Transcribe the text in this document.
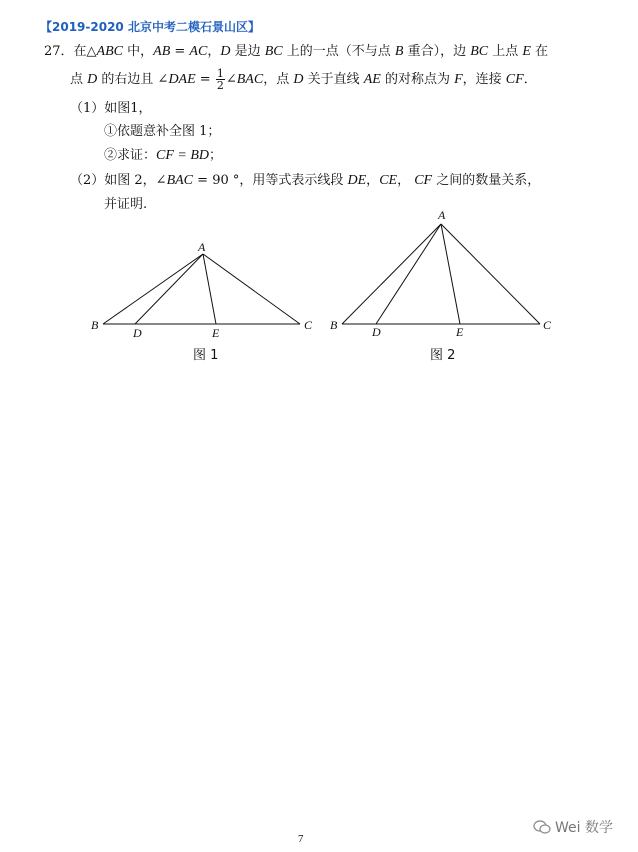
【2019-2020 北京中考二模石景山区】
27．在△ABC 中，AB = AC，D 是边 BC 上的一点（不与点 B 重合），边 BC 上点 E 在
点 D 的右边且 ∠DAE = $\frac{1}{2}$ ∠BAC，点 D 关于直线 AE 的对称点为 F，连接 CF．
（1）如图1，
①依题意补全图 1；
②求证：CF = BD；
（2）如图 2，∠BAC = 90 °，用等式表示线段 DE，CE， CF 之间的数量关系，
并证明.
A
B	C
D	E
图 1
A
B	C
D	E
图 2
Wei 数学
7
